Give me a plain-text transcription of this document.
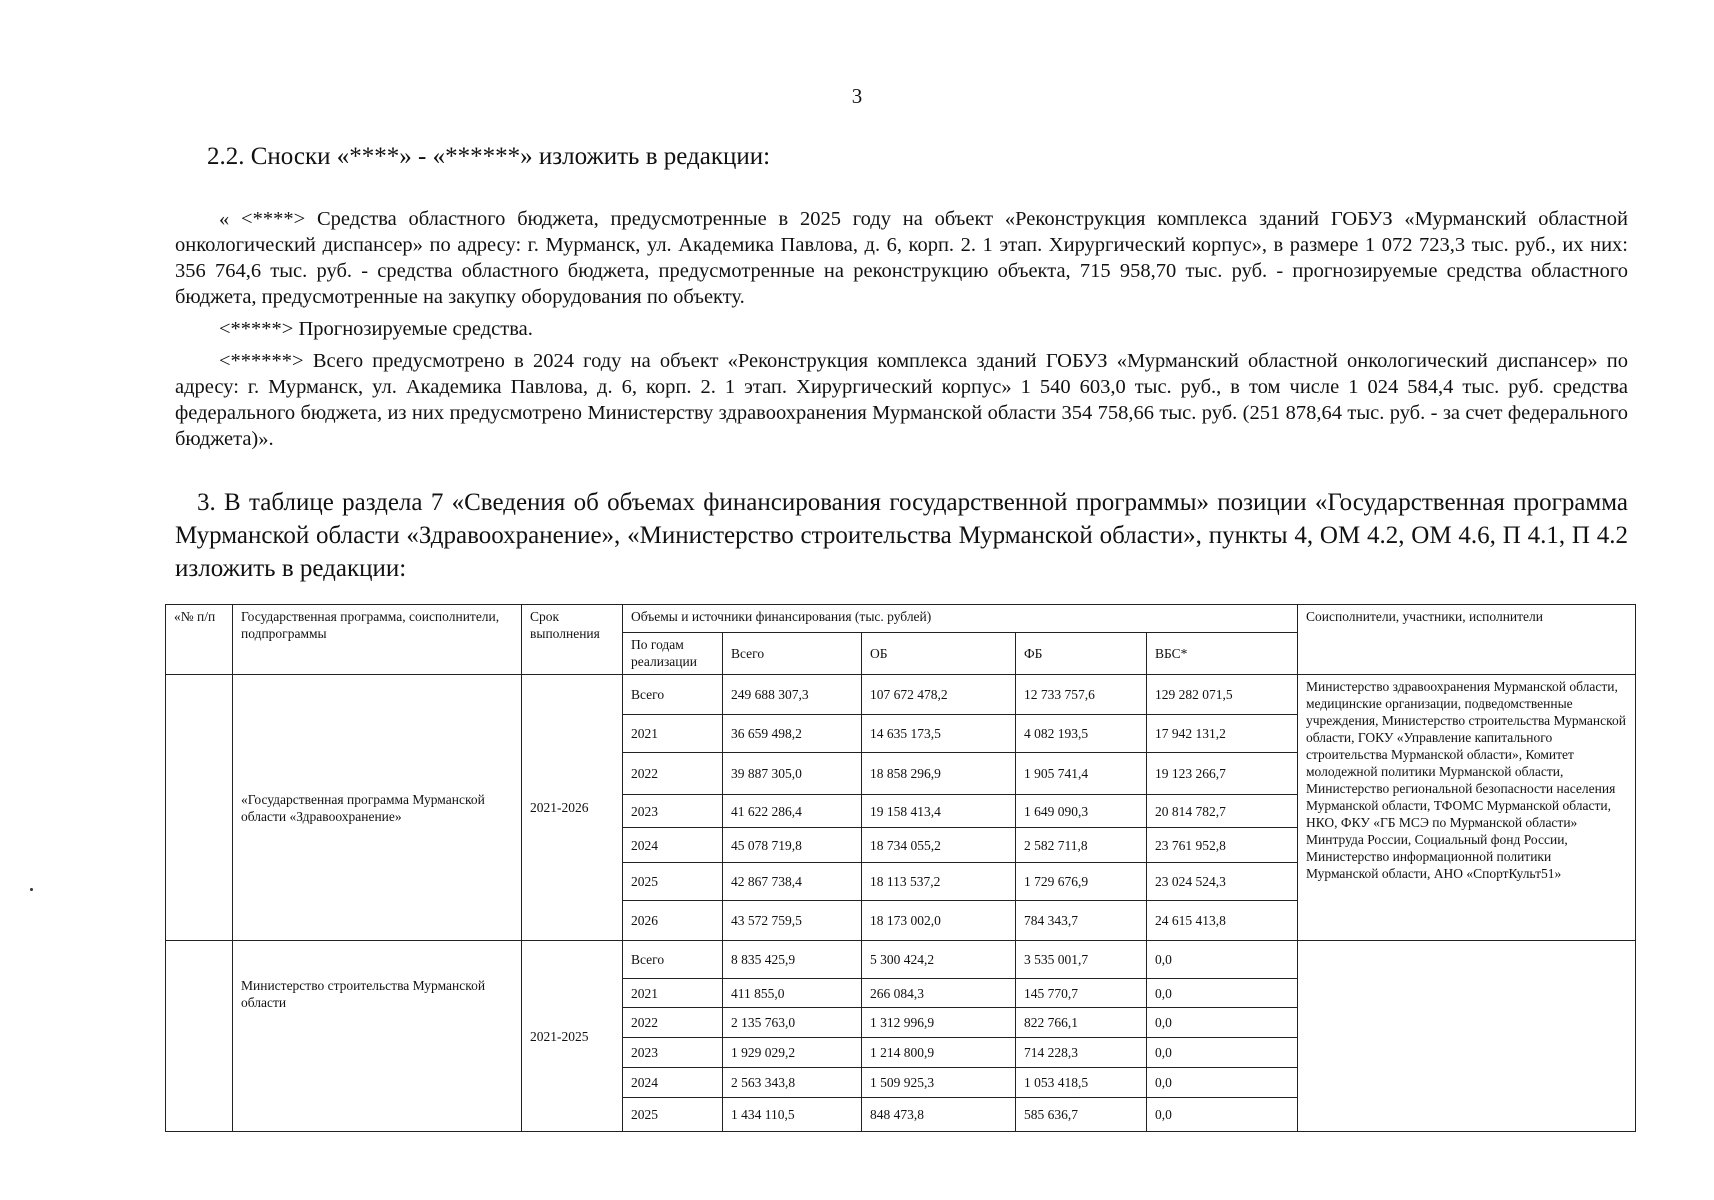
3
2.2. Сноски «****» - «******» изложить в редакции:

« <****> Средства областного бюджета, предусмотренные в 2025 году на объект «Реконструкция комплекса зданий ГОБУЗ «Мурманский областной онкологический диспансер» по адресу: г. Мурманск, ул. Академика Павлова, д. 6, корп. 2. 1 этап. Хирургический корпус», в размере 1 072 723,3 тыс. руб., их них: 356 764,6 тыс. руб. - средства областного бюджета, предусмотренные на реконструкцию объекта, 715 958,70 тыс. руб. - прогнозируемые средства областного бюджета, предусмотренные на закупку оборудования по объекту.

<*****> Прогнозируемые средства.

<******> Всего предусмотрено в 2024 году на объект «Реконструкция комплекса зданий ГОБУЗ «Мурманский областной онкологический диспансер» по адресу: г. Мурманск, ул. Академика Павлова, д. 6, корп. 2. 1 этап. Хирургический корпус» 1 540 603,0 тыс. руб., в том числе 1 024 584,4 тыс. руб. средства федерального бюджета, из них предусмотрено Министерству здравоохранения Мурманской области 354 758,66 тыс. руб. (251 878,64 тыс. руб. - за счет федерального бюджета)».

3. В таблице раздела 7 «Сведения об объемах финансирования государственной программы» позиции «Государственная программа Мурманской области «Здравоохранение», «Министерство строительства Мурманской области», пункты 4, ОМ 4.2, ОМ 4.6, П 4.1, П 4.2 изложить в редакции:

«№ п/п	Государственная программа, соисполнители, подпрограммы	Срок выполнения	Объемы и источники финансирования (тыс. рублей)					Соисполнители, участники, исполнители
			По годам реализации	Всего	ОБ	ФБ	ВБС*	
	«Государственная программа Мурманской области «Здравоохранение»	2021-2026	Всего	249 688 307,3	107 672 478,2	12 733 757,6	129 282 071,5	Министерство здравоохранения Мурманской области, медицинские организации, подведомственные учреждения, Министерство строительства Мурманской области, ГОКУ «Управление капитального строительства Мурманской области», Комитет молодежной политики Мурманской области, Министерство региональной безопасности населения Мурманской области, ТФОМС Мурманской области, НКО, ФКУ «ГБ МСЭ по Мурманской области» Минтруда России, Социальный фонд России, Министерство информационной политики Мурманской области, АНО «СпортКульт51»
			2021	36 659 498,2	14 635 173,5	4 082 193,5	17 942 131,2	
			2022	39 887 305,0	18 858 296,9	1 905 741,4	19 123 266,7	
			2023	41 622 286,4	19 158 413,4	1 649 090,3	20 814 782,7	
			2024	45 078 719,8	18 734 055,2	2 582 711,8	23 761 952,8	
			2025	42 867 738,4	18 113 537,2	1 729 676,9	23 024 524,3	
			2026	43 572 759,5	18 173 002,0	784 343,7	24 615 413,8	
	Министерство строительства Мурманской области	2021-2025	Всего	8 835 425,9	5 300 424,2	3 535 001,7	0,0	
			2021	411 855,0	266 084,3	145 770,7	0,0	
			2022	2 135 763,0	1 312 996,9	822 766,1	0,0	
			2023	1 929 029,2	1 214 800,9	714 228,3	0,0	
			2024	2 563 343,8	1 509 925,3	1 053 418,5	0,0	
			2025	1 434 110,5	848 473,8	585 636,7	0,0	
